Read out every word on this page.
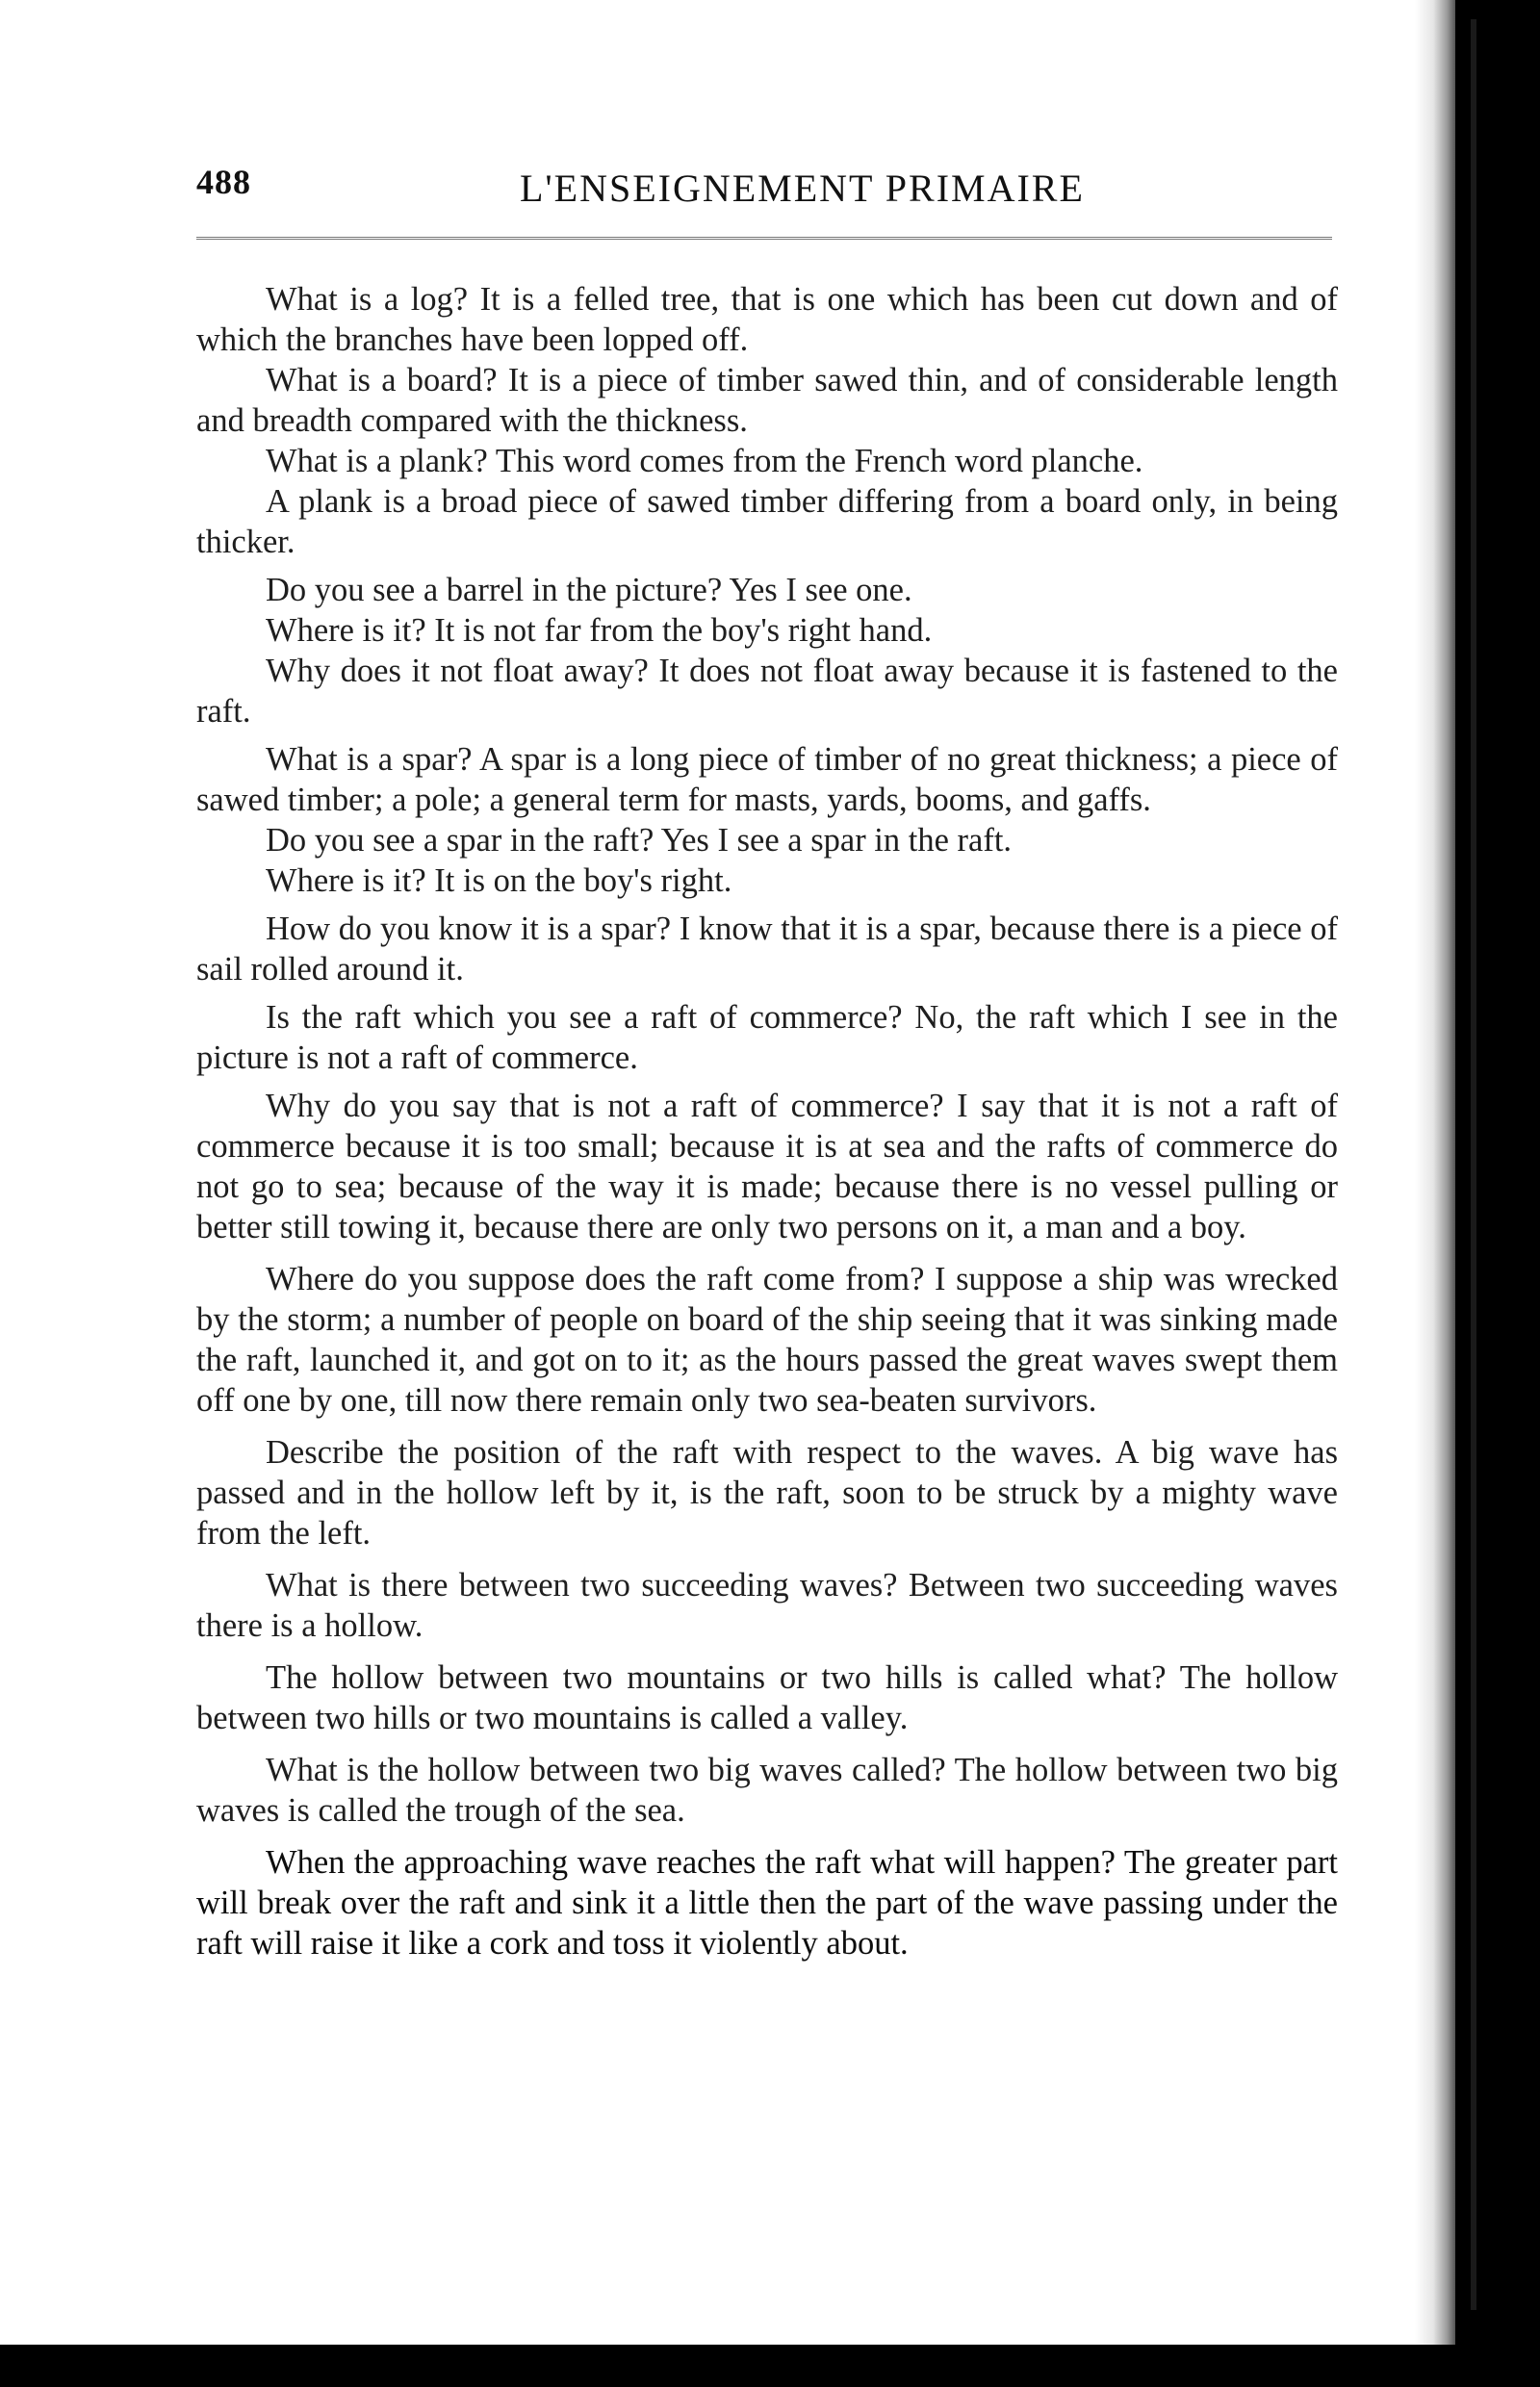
488	L'ENSEIGNEMENT PRIMAIRE

What is a log? It is a felled tree, that is one which has been cut down and of which the branches have been lopped off.

What is a board? It is a piece of timber sawed thin, and of considerable length and breadth compared with the thickness.

What is a plank? This word comes from the French word planche.

A plank is a broad piece of sawed timber differing from a board only, in being thicker.

Do you see a barrel in the picture? Yes I see one.

Where is it? It is not far from the boy's right hand.

Why does it not float away? It does not float away because it is fastened to the raft.

What is a spar? A spar is a long piece of timber of no great thickness; a piece of sawed timber; a pole; a general term for masts, yards, booms, and gaffs.

Do you see a spar in the raft? Yes I see a spar in the raft.

Where is it? It is on the boy's right.

How do you know it is a spar? I know that it is a spar, because there is a piece of sail rolled around it.

Is the raft which you see a raft of commerce? No, the raft which I see in the picture is not a raft of commerce.

Why do you say that is not a raft of commerce? I say that it is not a raft of commerce because it is too small; because it is at sea and the rafts of commerce do not go to sea; because of the way it is made; because there is no vessel pulling or better still towing it, because there are only two persons on it, a man and a boy.

Where do you suppose does the raft come from? I suppose a ship was wrecked by the storm; a number of people on board of the ship seeing that it was sinking made the raft, launched it, and got on to it; as the hours passed the great waves swept them off one by one, till now there remain only two sea-beaten survivors.

Describe the position of the raft with respect to the waves. A big wave has passed and in the hollow left by it, is the raft, soon to be struck by a mighty wave from the left.

What is there between two succeeding waves? Between two succeeding waves there is a hollow.

The hollow between two mountains or two hills is called what? The hollow between two hills or two mountains is called a valley.

What is the hollow between two big waves called? The hollow between two big waves is called the trough of the sea.

When the approaching wave reaches the raft what will happen? The greater part will break over the raft and sink it a little then the part of the wave passing under the raft will raise it like a cork and toss it violently about.
